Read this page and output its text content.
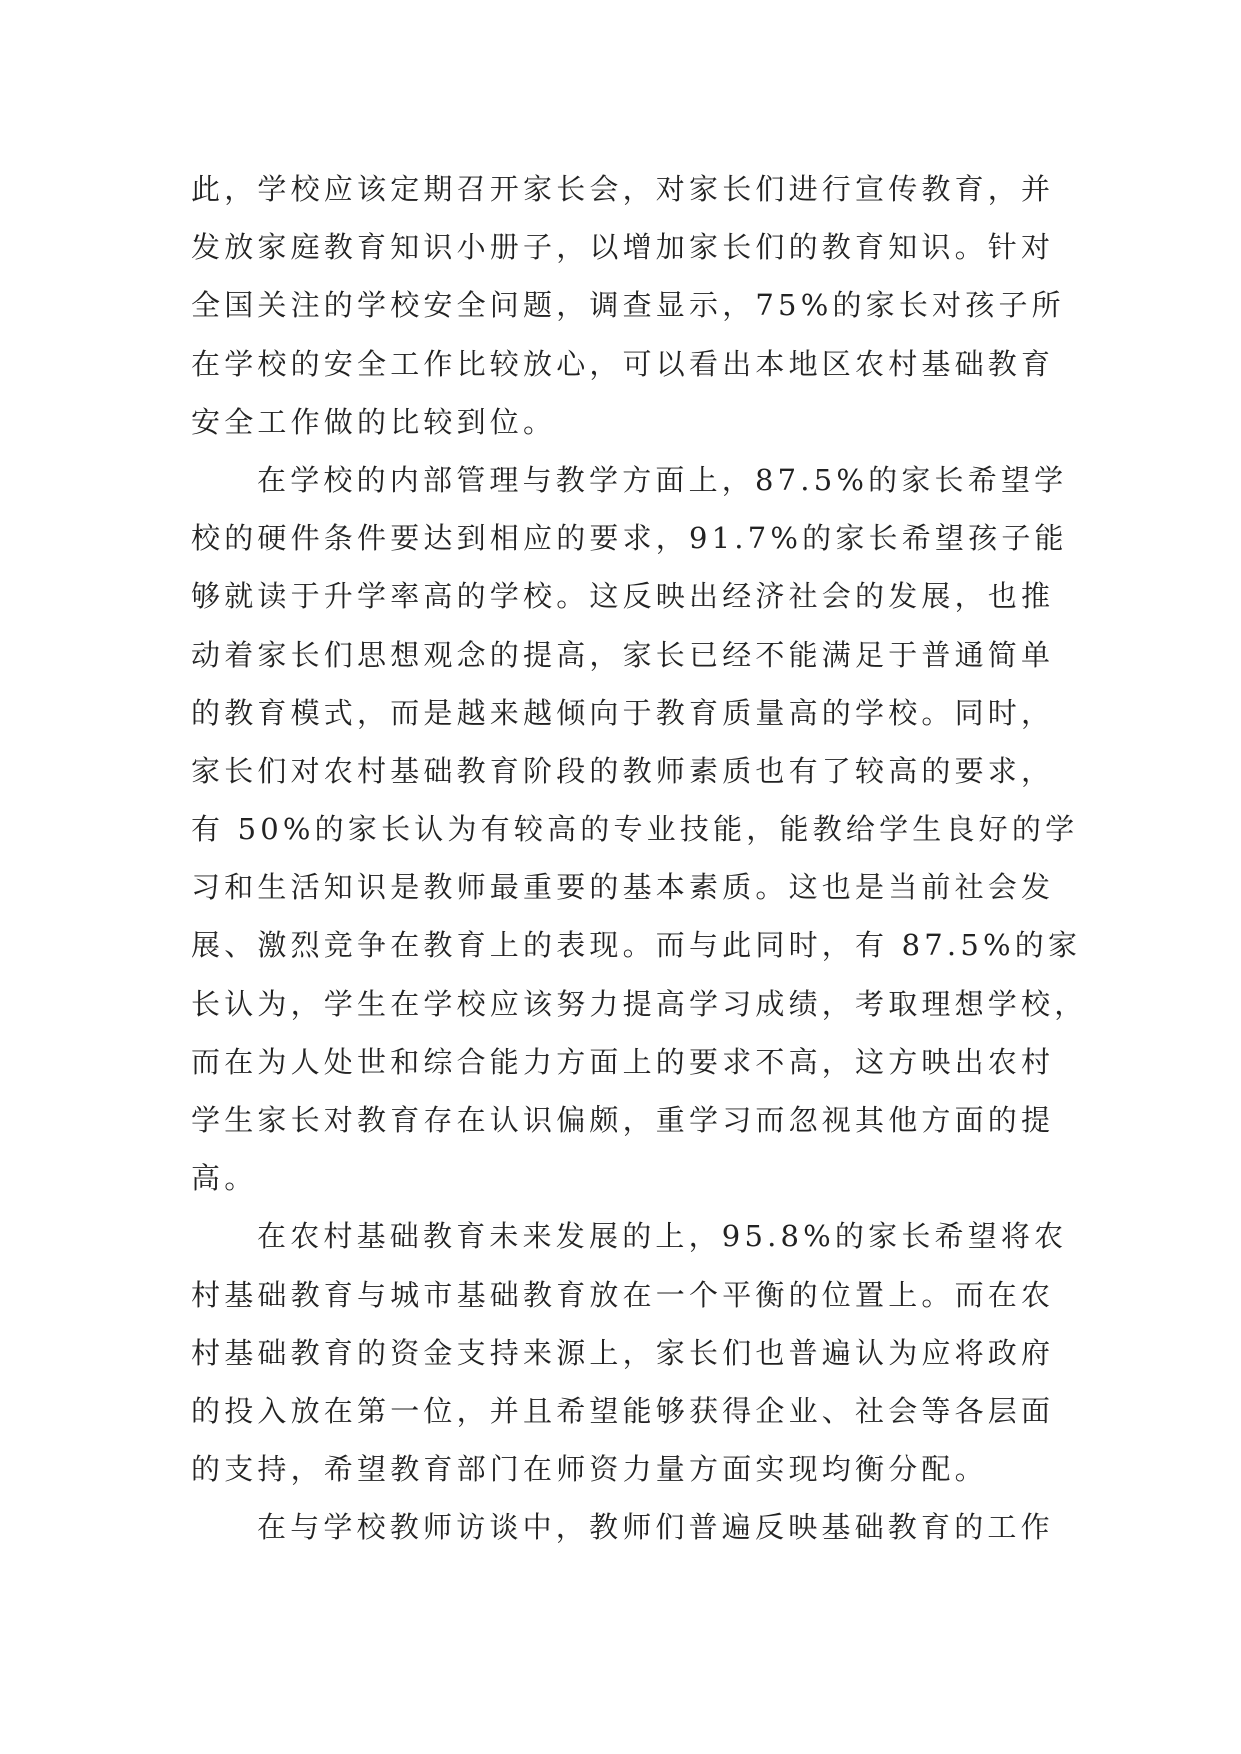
此，学校应该定期召开家长会，对家长们进行宣传教育，并
发放家庭教育知识小册子，以增加家长们的教育知识。针对
全国关注的学校安全问题，调查显示，75%的家长对孩子所
在学校的安全工作比较放心，可以看出本地区农村基础教育
安全工作做的比较到位。
在学校的内部管理与教学方面上，87.5%的家长希望学
校的硬件条件要达到相应的要求，91.7%的家长希望孩子能
够就读于升学率高的学校。这反映出经济社会的发展，也推
动着家长们思想观念的提高，家长已经不能满足于普通简单
的教育模式，而是越来越倾向于教育质量高的学校。同时，
家长们对农村基础教育阶段的教师素质也有了较高的要求，
有 50%的家长认为有较高的专业技能，能教给学生良好的学
习和生活知识是教师最重要的基本素质。这也是当前社会发
展、激烈竞争在教育上的表现。而与此同时，有 87.5%的家
长认为，学生在学校应该努力提高学习成绩，考取理想学校，
而在为人处世和综合能力方面上的要求不高，这方映出农村
学生家长对教育存在认识偏颇，重学习而忽视其他方面的提
高。
在农村基础教育未来发展的上，95.8%的家长希望将农
村基础教育与城市基础教育放在一个平衡的位置上。而在农
村基础教育的资金支持来源上，家长们也普遍认为应将政府
的投入放在第一位，并且希望能够获得企业、社会等各层面
的支持，希望教育部门在师资力量方面实现均衡分配。
在与学校教师访谈中，教师们普遍反映基础教育的工作
